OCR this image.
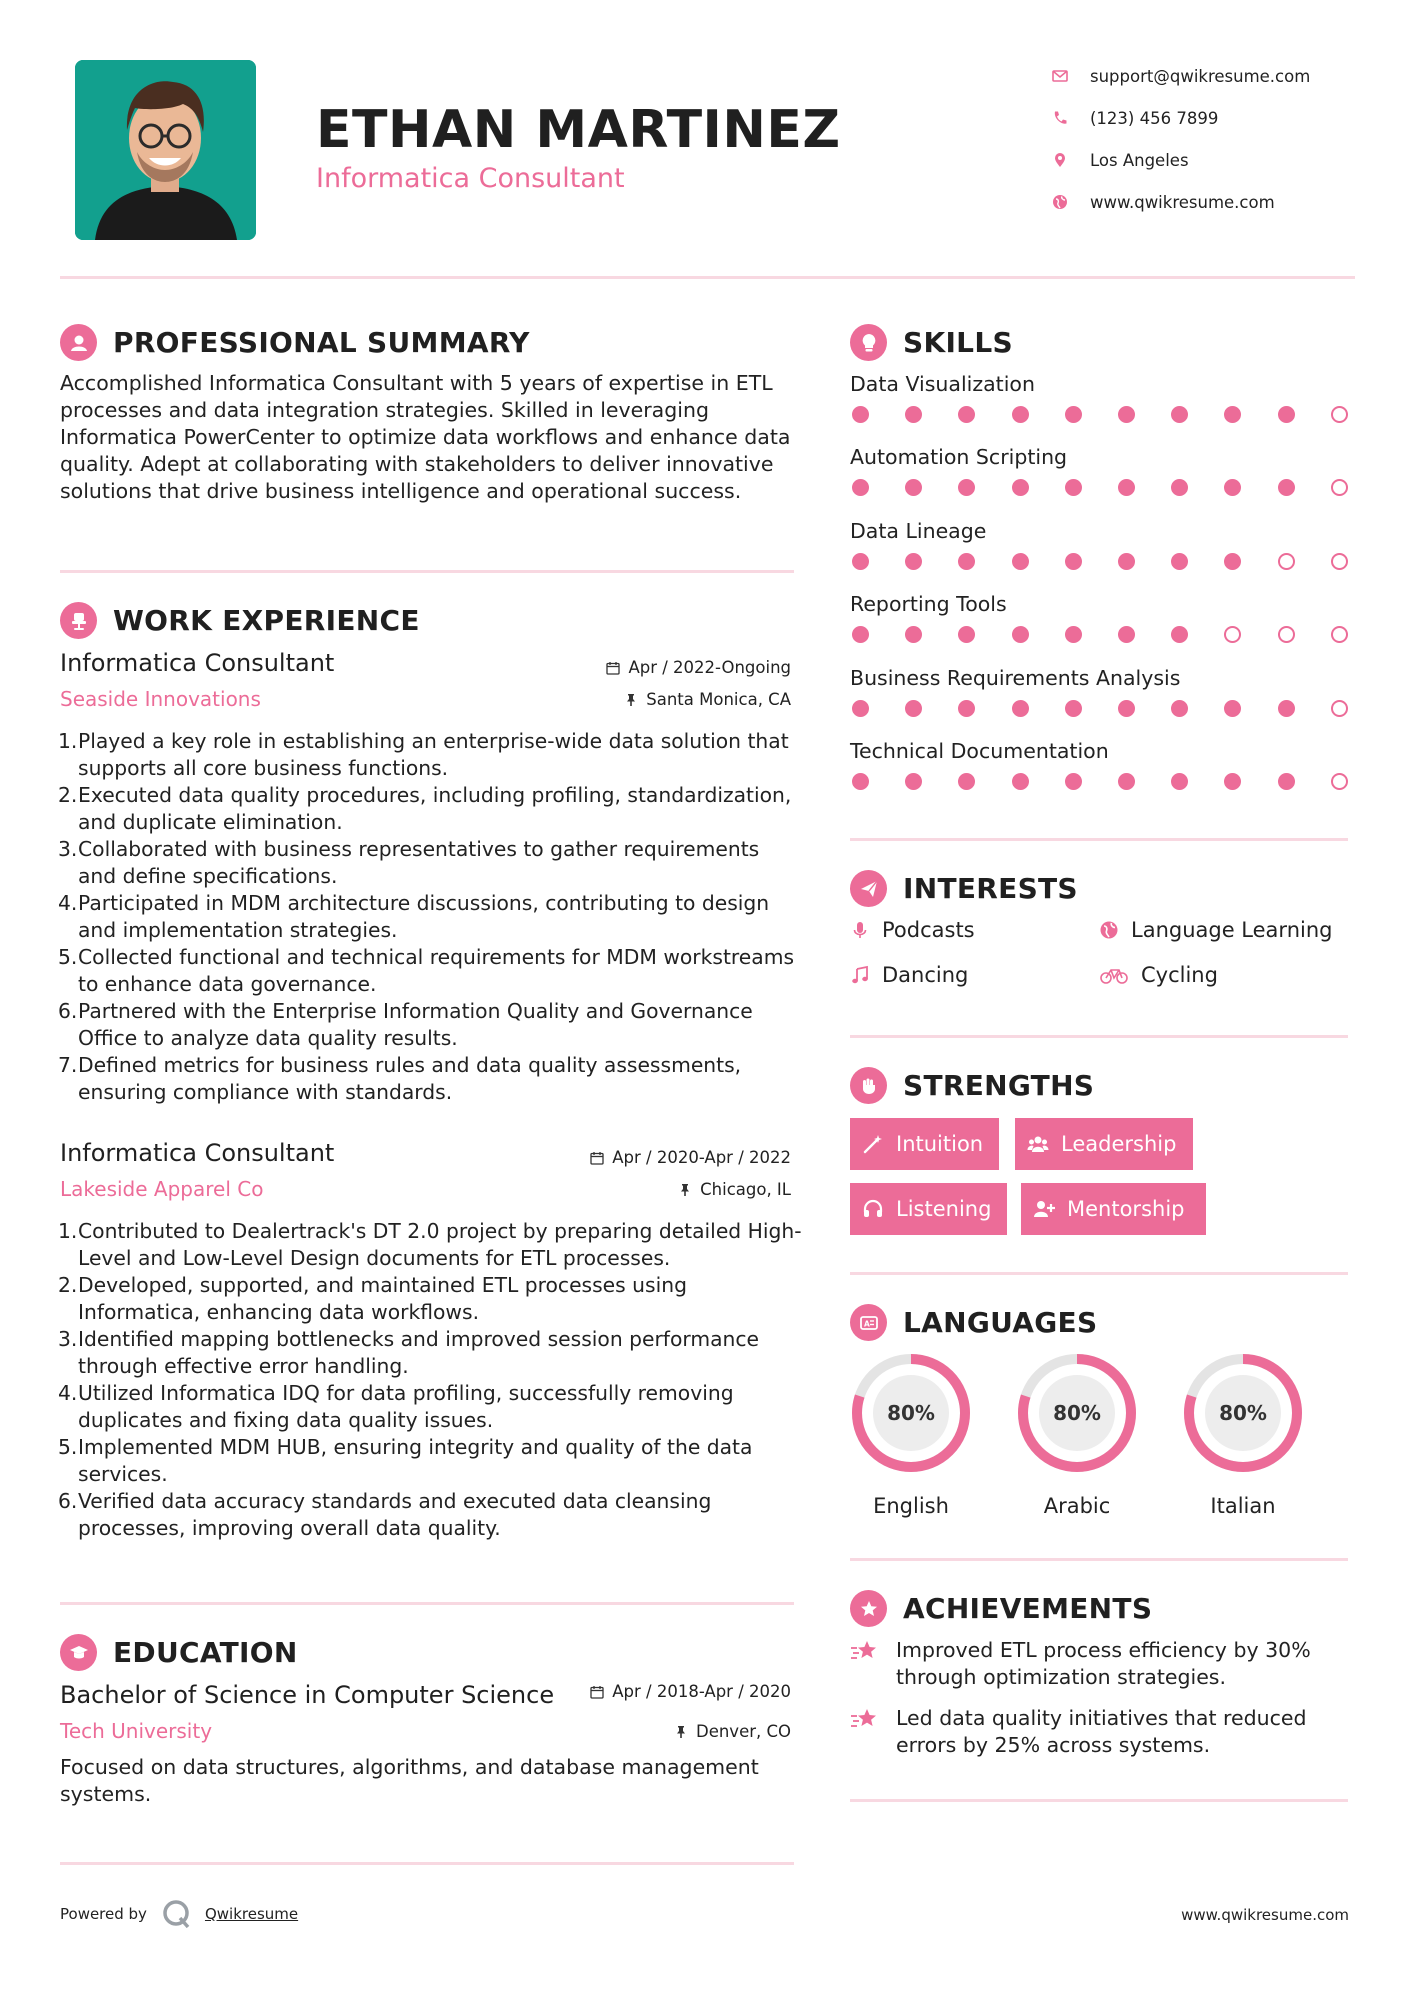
ETHAN MARTINEZ
Informatica Consultant
support@qwikresume.com
(123) 456 7899
Los Angeles
www.qwikresume.com
PROFESSIONAL SUMMARY
Accomplished Informatica Consultant with 5 years of expertise in ETL processes and data integration strategies. Skilled in leveraging Informatica PowerCenter to optimize data workflows and enhance data quality. Adept at collaborating with stakeholders to deliver innovative solutions that drive business intelligence and operational success.
WORK EXPERIENCE
Informatica Consultant	Apr / 2022-Ongoing
Seaside Innovations	Santa Monica, CA
1. Played a key role in establishing an enterprise-wide data solution that supports all core business functions.
2. Executed data quality procedures, including profiling, standardization, and duplicate elimination.
3. Collaborated with business representatives to gather requirements and define specifications.
4. Participated in MDM architecture discussions, contributing to design and implementation strategies.
5. Collected functional and technical requirements for MDM workstreams to enhance data governance.
6. Partnered with the Enterprise Information Quality and Governance Office to analyze data quality results.
7. Defined metrics for business rules and data quality assessments, ensuring compliance with standards.
Informatica Consultant	Apr / 2020-Apr / 2022
Lakeside Apparel Co	Chicago, IL
1. Contributed to Dealertrack's DT 2.0 project by preparing detailed High-Level and Low-Level Design documents for ETL processes.
2. Developed, supported, and maintained ETL processes using Informatica, enhancing data workflows.
3. Identified mapping bottlenecks and improved session performance through effective error handling.
4. Utilized Informatica IDQ for data profiling, successfully removing duplicates and fixing data quality issues.
5. Implemented MDM HUB, ensuring integrity and quality of the data services.
6. Verified data accuracy standards and executed data cleansing processes, improving overall data quality.
EDUCATION
Bachelor of Science in Computer Science	Apr / 2018-Apr / 2020
Tech University	Denver, CO
Focused on data structures, algorithms, and database management systems.
SKILLS
Data Visualization
Automation Scripting
Data Lineage
Reporting Tools
Business Requirements Analysis
Technical Documentation
INTERESTS
Podcasts	Language Learning
Dancing	Cycling
STRENGTHS
Intuition	Leadership
Listening	Mentorship
A LANGUAGES
80%
English
80%
Arabic
80%
Italian
ACHIEVEMENTS
Improved ETL process efficiency by 30% through optimization strategies.
Led data quality initiatives that reduced errors by 25% across systems.
Powered by	Qwikresume	www.qwikresume.com
